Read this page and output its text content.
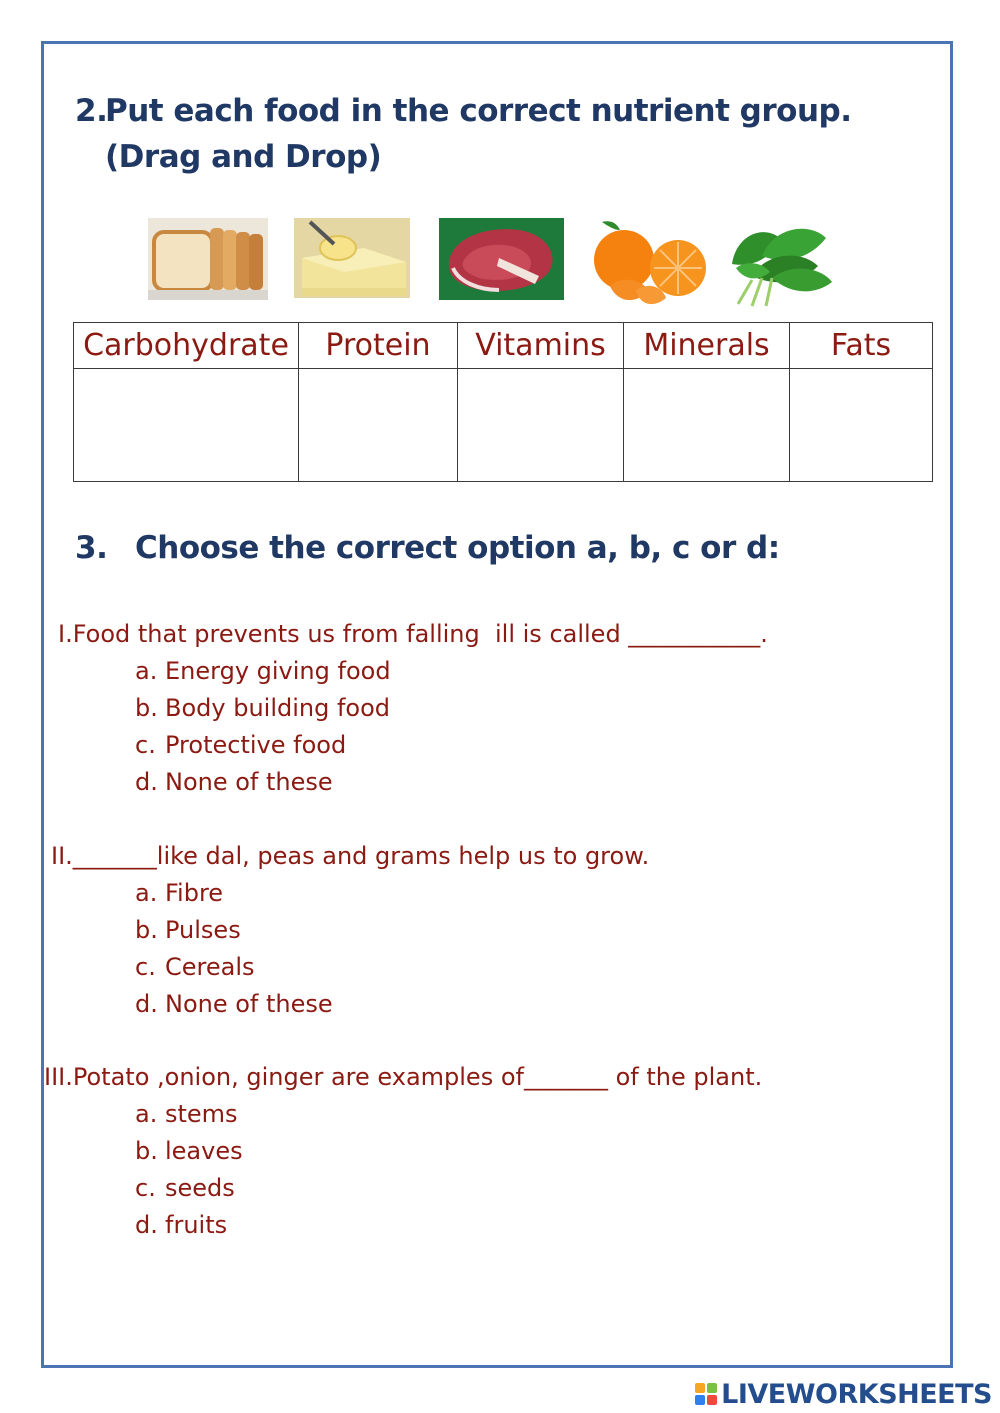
2.
Put each food in the correct nutrient group. (Drag and Drop)
Carbohydrate	Protein	Vitamins	Minerals	Fats

3. Choose the correct option a, b, c or d:
I.Food that prevents us from falling  ill is called ___________.
a. Energy giving food
b. Body building food
c. Protective food
d. None of these
II._______like dal, peas and grams help us to grow.
a. Fibre
b. Pulses
c. Cereals
d. None of these
III.Potato ,onion, ginger are examples of_______ of the plant.
a. stems
b. leaves
c. seeds
d. fruits
LIVEWORKSHEETS
